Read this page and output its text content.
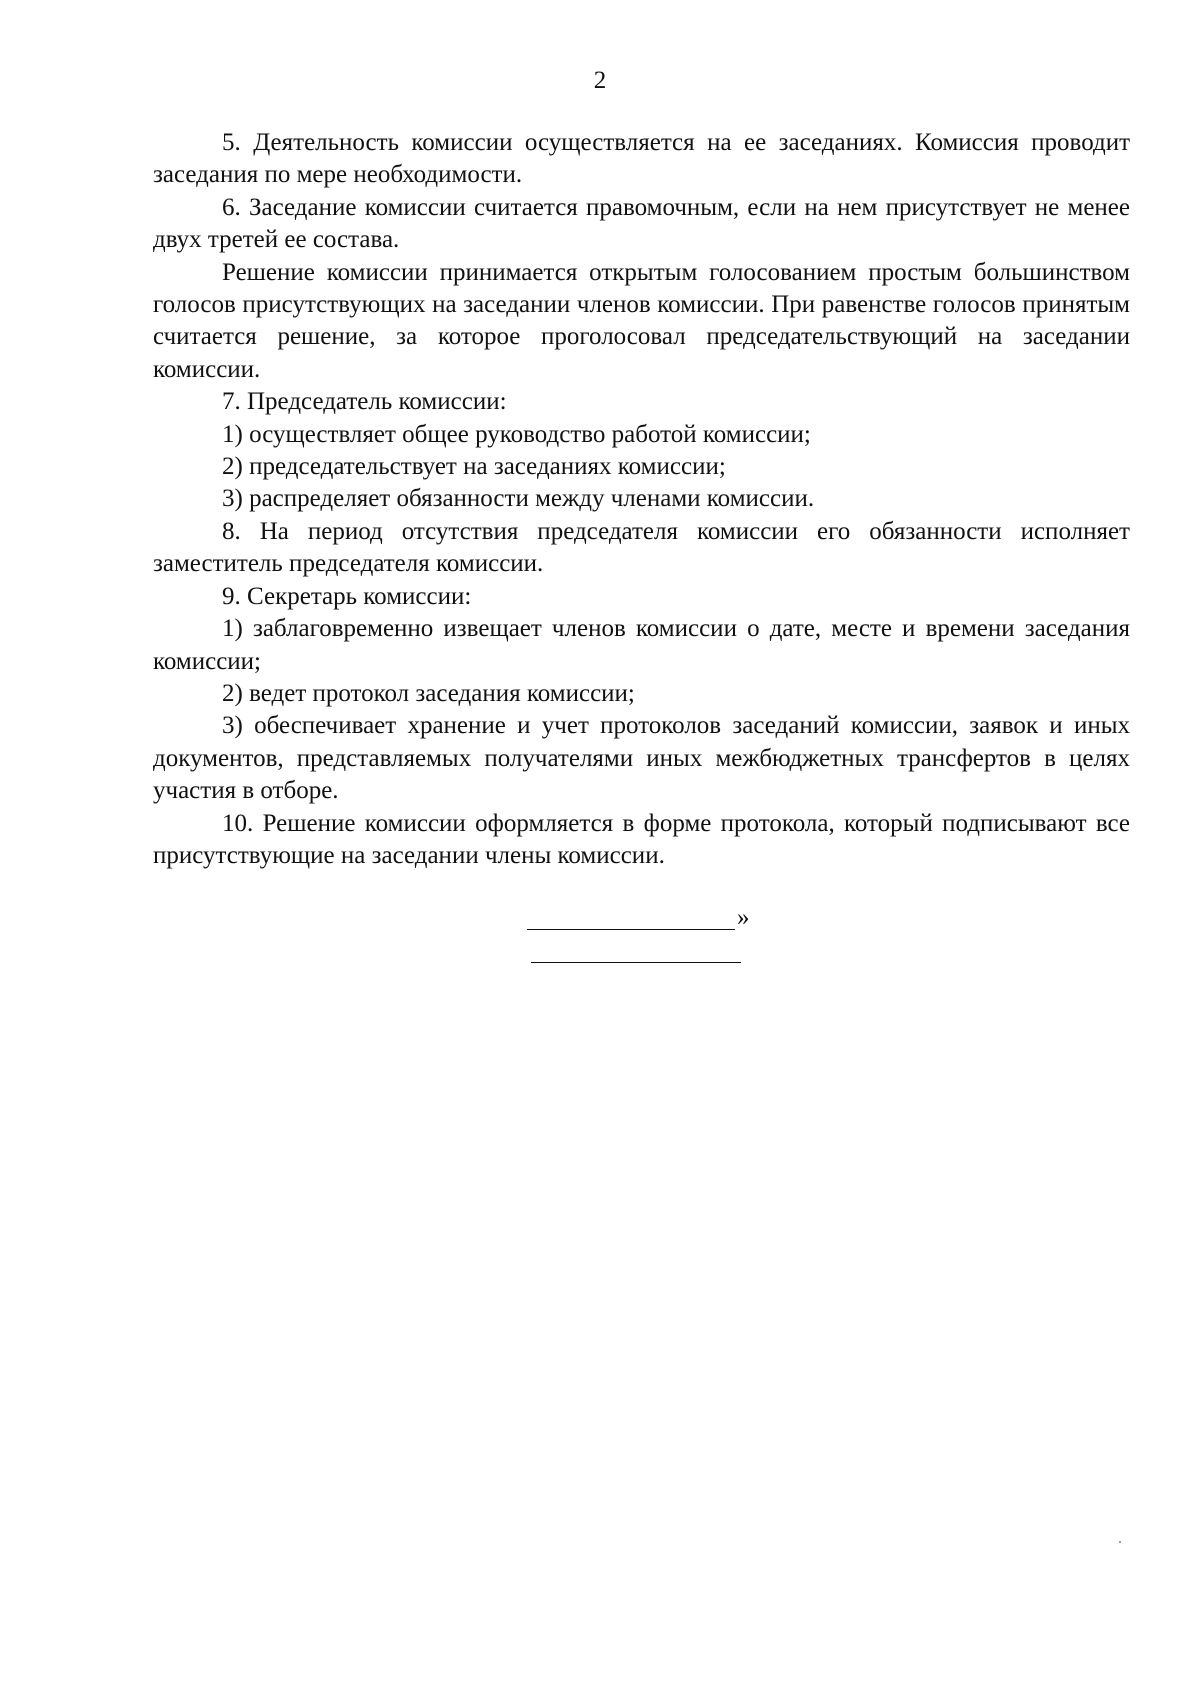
2

5. Деятельность комиссии осуществляется на ее заседаниях. Комиссия проводит заседания по мере необходимости.

6. Заседание комиссии считается правомочным, если на нем присутствует не менее двух третей ее состава.

Решение комиссии принимается открытым голосованием простым большинством голосов присутствующих на заседании членов комиссии. При равенстве голосов принятым считается решение, за которое проголосовал председательствующий на заседании комиссии.

7. Председатель комиссии:

1) осуществляет общее руководство работой комиссии;

2) председательствует на заседаниях комиссии;

3) распределяет обязанности между членами комиссии.

8. На период отсутствия председателя комиссии его обязанности исполняет заместитель председателя комиссии.

9. Секретарь комиссии:

1) заблаговременно извещает членов комиссии о дате, месте и времени заседания комиссии;

2) ведет протокол заседания комиссии;

3) обеспечивает хранение и учет протоколов заседаний комиссии, заявок и иных документов, представляемых получателями иных межбюджетных трансфертов в целях участия в отборе.

10. Решение комиссии оформляется в форме протокола, который подписывают все присутствующие на заседании члены комиссии.

»
